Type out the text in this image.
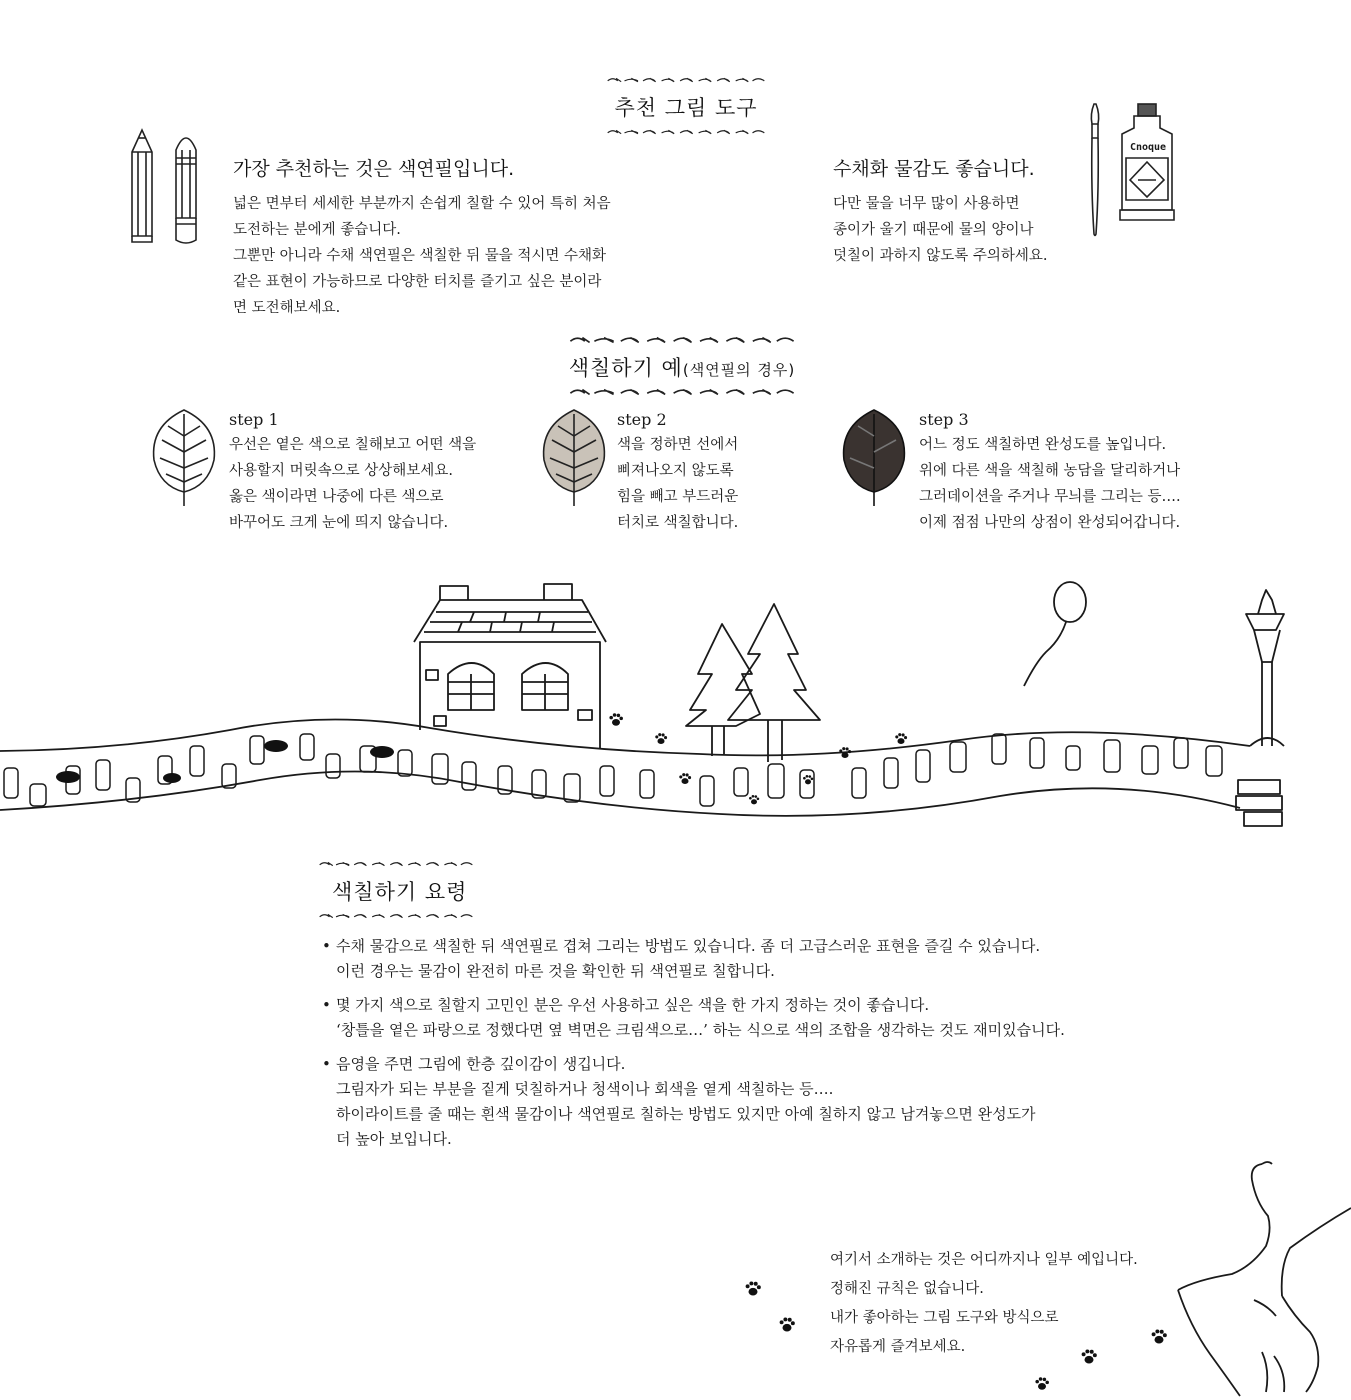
추천 그림 도구
가장 추천하는 것은 색연필입니다.
넓은 면부터 세세한 부분까지 손쉽게 칠할 수 있어 특히 처음
도전하는 분에게 좋습니다.
그뿐만 아니라 수채 색연필은 색칠한 뒤 물을 적시면 수채화
같은 표현이 가능하므로 다양한 터치를 즐기고 싶은 분이라
면 도전해보세요.
수채화 물감도 좋습니다.
다만 물을 너무 많이 사용하면
종이가 울기 때문에 물의 양이나
덧칠이 과하지 않도록 주의하세요.
Cnoque
색칠하기 예(색연필의 경우)
step 1
우선은 옅은 색으로 칠해보고 어떤 색을
사용할지 머릿속으로 상상해보세요.
옳은 색이라면 나중에 다른 색으로
바꾸어도 크게 눈에 띄지 않습니다.
step 2
색을 정하면 선에서
삐져나오지 않도록
힘을 빼고 부드러운
터치로 색칠합니다.
step 3
어느 정도 색칠하면 완성도를 높입니다.
위에 다른 색을 색칠해 농담을 달리하거나
그러데이션을 주거나 무늬를 그리는 등….
이제 점점 나만의 상점이 완성되어갑니다.
색칠하기 요령
• 수채 물감으로 색칠한 뒤 색연필로 겹쳐 그리는 방법도 있습니다. 좀 더 고급스러운 표현을 즐길 수 있습니다.
이런 경우는 물감이 완전히 마른 것을 확인한 뒤 색연필로 칠합니다.
• 몇 가지 색으로 칠할지 고민인 분은 우선 사용하고 싶은 색을 한 가지 정하는 것이 좋습니다.
‘창틀을 옅은 파랑으로 정했다면 옆 벽면은 크림색으로…’ 하는 식으로 색의 조합을 생각하는 것도 재미있습니다.
• 음영을 주면 그림에 한층 깊이감이 생깁니다.
그림자가 되는 부분을 짙게 덧칠하거나 청색이나 회색을 옅게 색칠하는 등….
하이라이트를 줄 때는 흰색 물감이나 색연필로 칠하는 방법도 있지만 아예 칠하지 않고 남겨놓으면 완성도가
더 높아 보입니다.
여기서 소개하는 것은 어디까지나 일부 예입니다.
정해진 규칙은 없습니다.
내가 좋아하는 그림 도구와 방식으로
자유롭게 즐겨보세요.
